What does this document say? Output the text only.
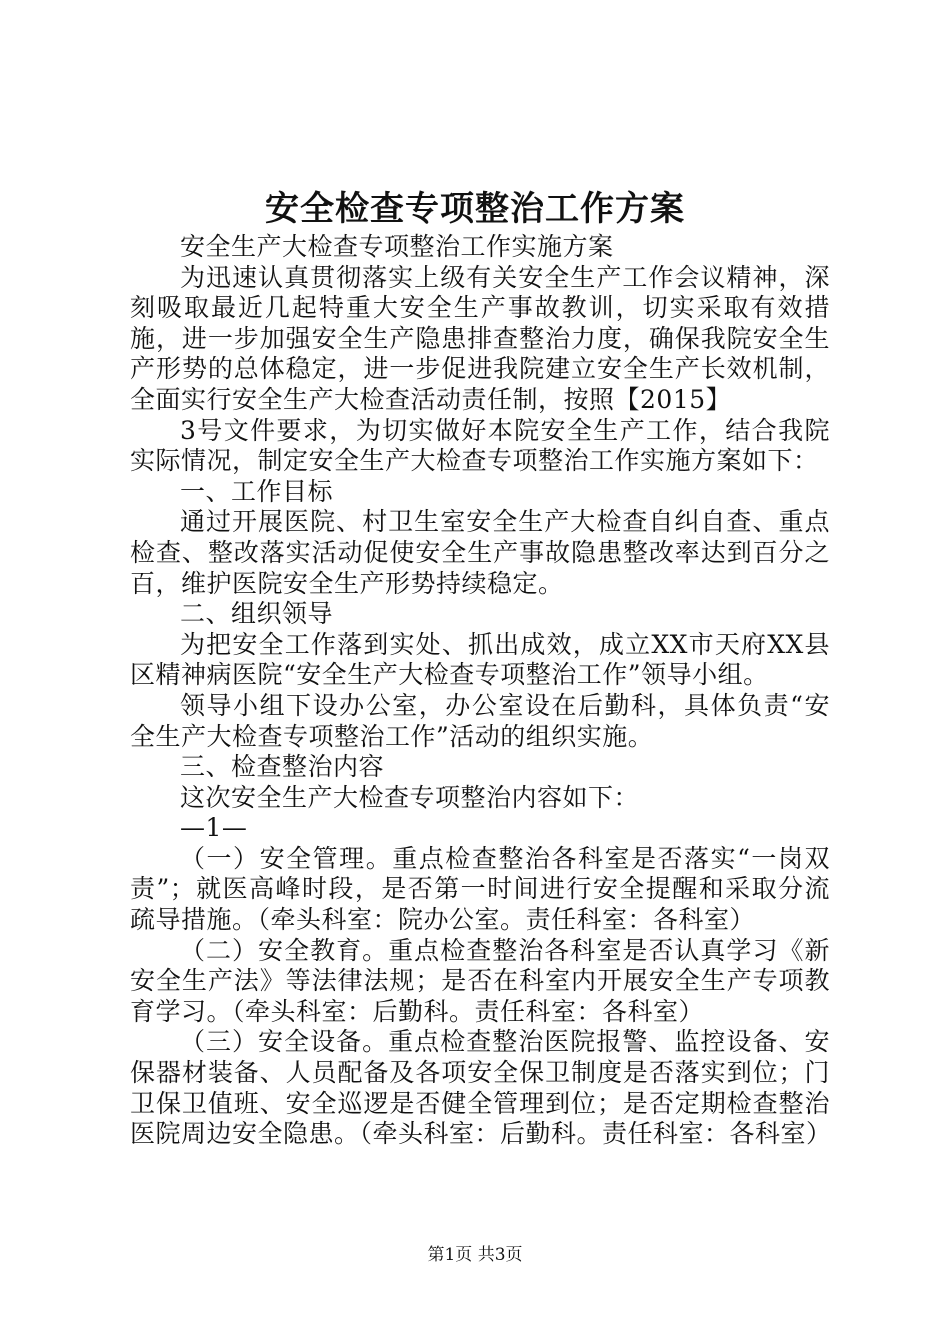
安全检查专项整治工作方案

安全生产大检查专项整治工作实施方案

为迅速认真贯彻落实上级有关安全生产工作会议精神，深刻吸取最近几起特重大安全生产事故教训，切实采取有效措施，进一步加强安全生产隐患排查整治力度，确保我院安全生产形势的总体稳定，进一步促进我院建立安全生产长效机制，全面实行安全生产大检查活动责任制，按照【2015】

3号文件要求，为切实做好本院安全生产工作，结合我院实际情况，制定安全生产大检查专项整治工作实施方案如下：

一、工作目标

通过开展医院、村卫生室安全生产大检查自纠自查、重点检查、整改落实活动促使安全生产事故隐患整改率达到百分之百，维护医院安全生产形势持续稳定。

二、组织领导

为把安全工作落到实处、抓出成效，成立XX市天府XX县区精神病医院“安全生产大检查专项整治工作”领导小组。

领导小组下设办公室，办公室设在后勤科，具体负责“安全生产大检查专项整治工作”活动的组织实施。

三、检查整治内容

这次安全生产大检查专项整治内容如下：

—1—

（一）安全管理。重点检查整治各科室是否落实“一岗双责”；就医高峰时段，是否第一时间进行安全提醒和采取分流疏导措施。（牵头科室：院办公室。责任科室：各科室）

（二）安全教育。重点检查整治各科室是否认真学习《新安全生产法》等法律法规；是否在科室内开展安全生产专项教育学习。（牵头科室：后勤科。责任科室：各科室）

（三）安全设备。重点检查整治医院报警、监控设备、安保器材装备、人员配备及各项安全保卫制度是否落实到位；门卫保卫值班、安全巡逻是否健全管理到位；是否定期检查整治医院周边安全隐患。（牵头科室：后勤科。责任科室：各科室）

第1页 共3页
